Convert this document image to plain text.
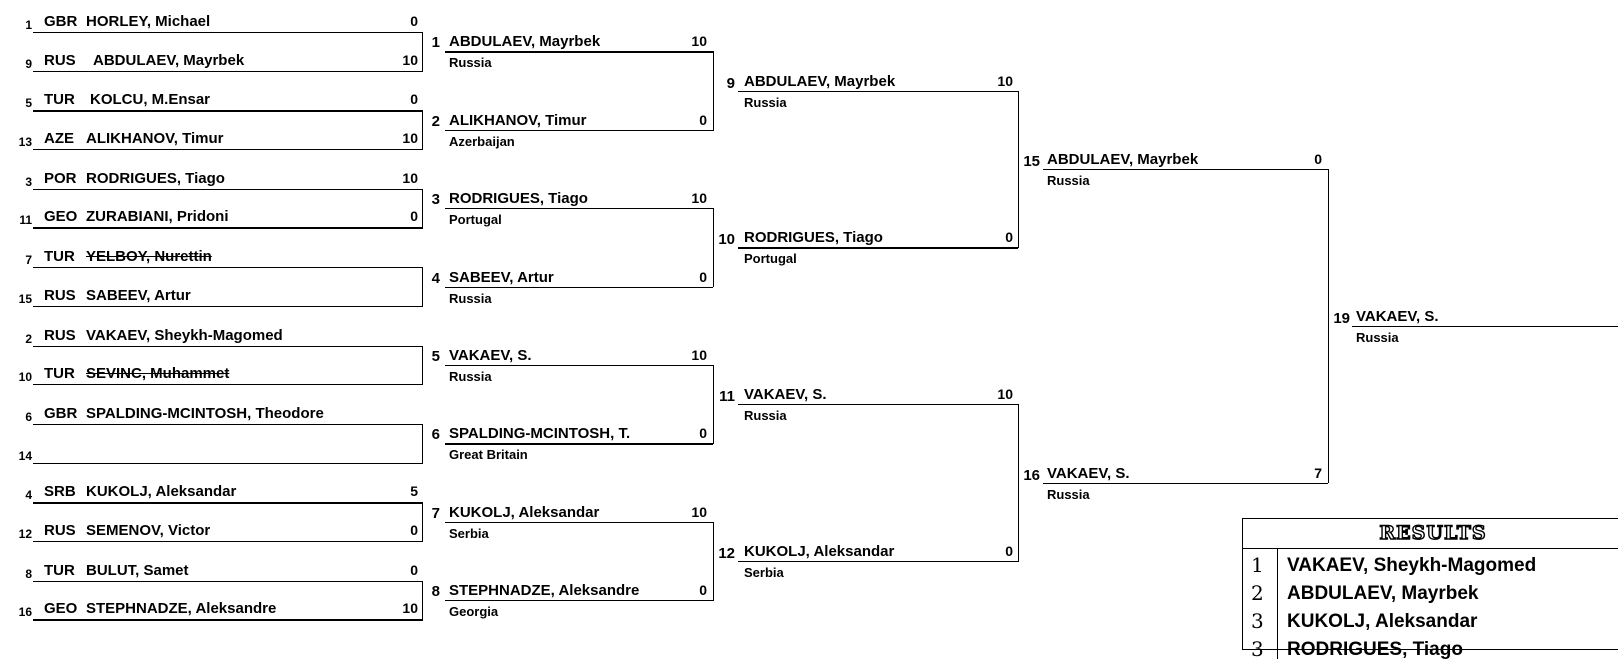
1 GBR HORLEY, Michael	0
9 RUS ABDULAEV, Mayrbek	10
1
5 TUR KOLCU, M.Ensar	0
13 AZE ALIKHANOV, Timur	10
2
3 POR RODRIGUES, Tiago	10
11 GEO ZURABIANI, Pridoni	0
3
7 TUR YELBOY, Nurettin
15 RUS SABEEV, Artur
4
2 RUS VAKAEV, Sheykh-Magomed
10 TUR SEVINC, Muhammet
5
6 GBR SPALDING-MCINTOSH, Theodore
14
6
4 SRB KUKOLJ, Aleksandar	5
12 RUS SEMENOV, Victor	0
7
8 TUR BULUT, Samet	0
16 GEO STEPHNADZE, Aleksandre	10
8
ABDULAEV, Mayrbek
Russia
10
ALIKHANOV, Timur
Azerbaijan
0
9
RODRIGUES, Tiago
Portugal
10
SABEEV, Artur
Russia
0
10
VAKAEV, S.
Russia
10
SPALDING-MCINTOSH, T.
Great Britain
0
11
KUKOLJ, Aleksandar
Serbia
10
STEPHNADZE, Aleksandre
Georgia
0
12
ABDULAEV, Mayrbek
Russia
10
RODRIGUES, Tiago
Portugal
0
15
VAKAEV, S.
Russia
10
KUKOLJ, Aleksandar
Serbia
0
16
ABDULAEV, Mayrbek
Russia
0
VAKAEV, S.
Russia
7
19 VAKAEV, S.
Russia
RESULTS
1	VAKAEV, Sheykh-Magomed
2	ABDULAEV, Mayrbek
3	KUKOLJ, Aleksandar
3	RODRIGUES, Tiago
